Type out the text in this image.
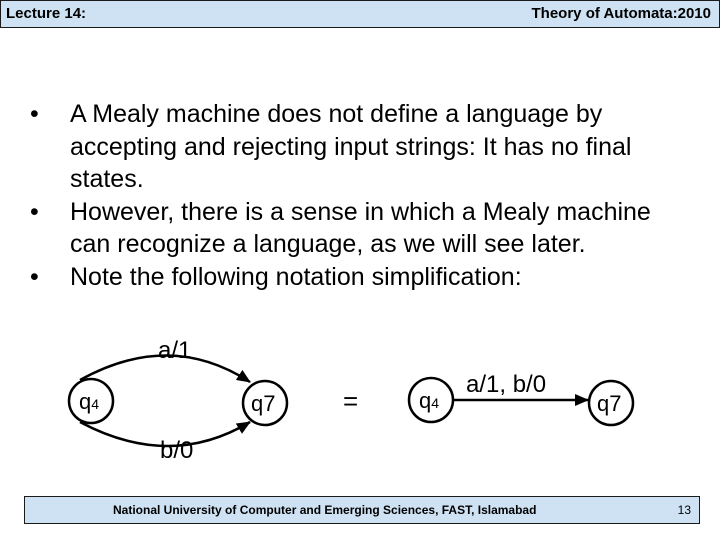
Lecture 14:	Theory of Automata:2010
•	A Mealy machine does not define a language by accepting and rejecting input strings: It has no final states.
•	However, there is a sense in which a Mealy machine can recognize a language, as we will see later.
•	Note the following notation simplification:
a/1
b/0
q4	q7	=
a/1, b/0
q4	q7
National University of Computer and Emerging Sciences, FAST, Islamabad	13
